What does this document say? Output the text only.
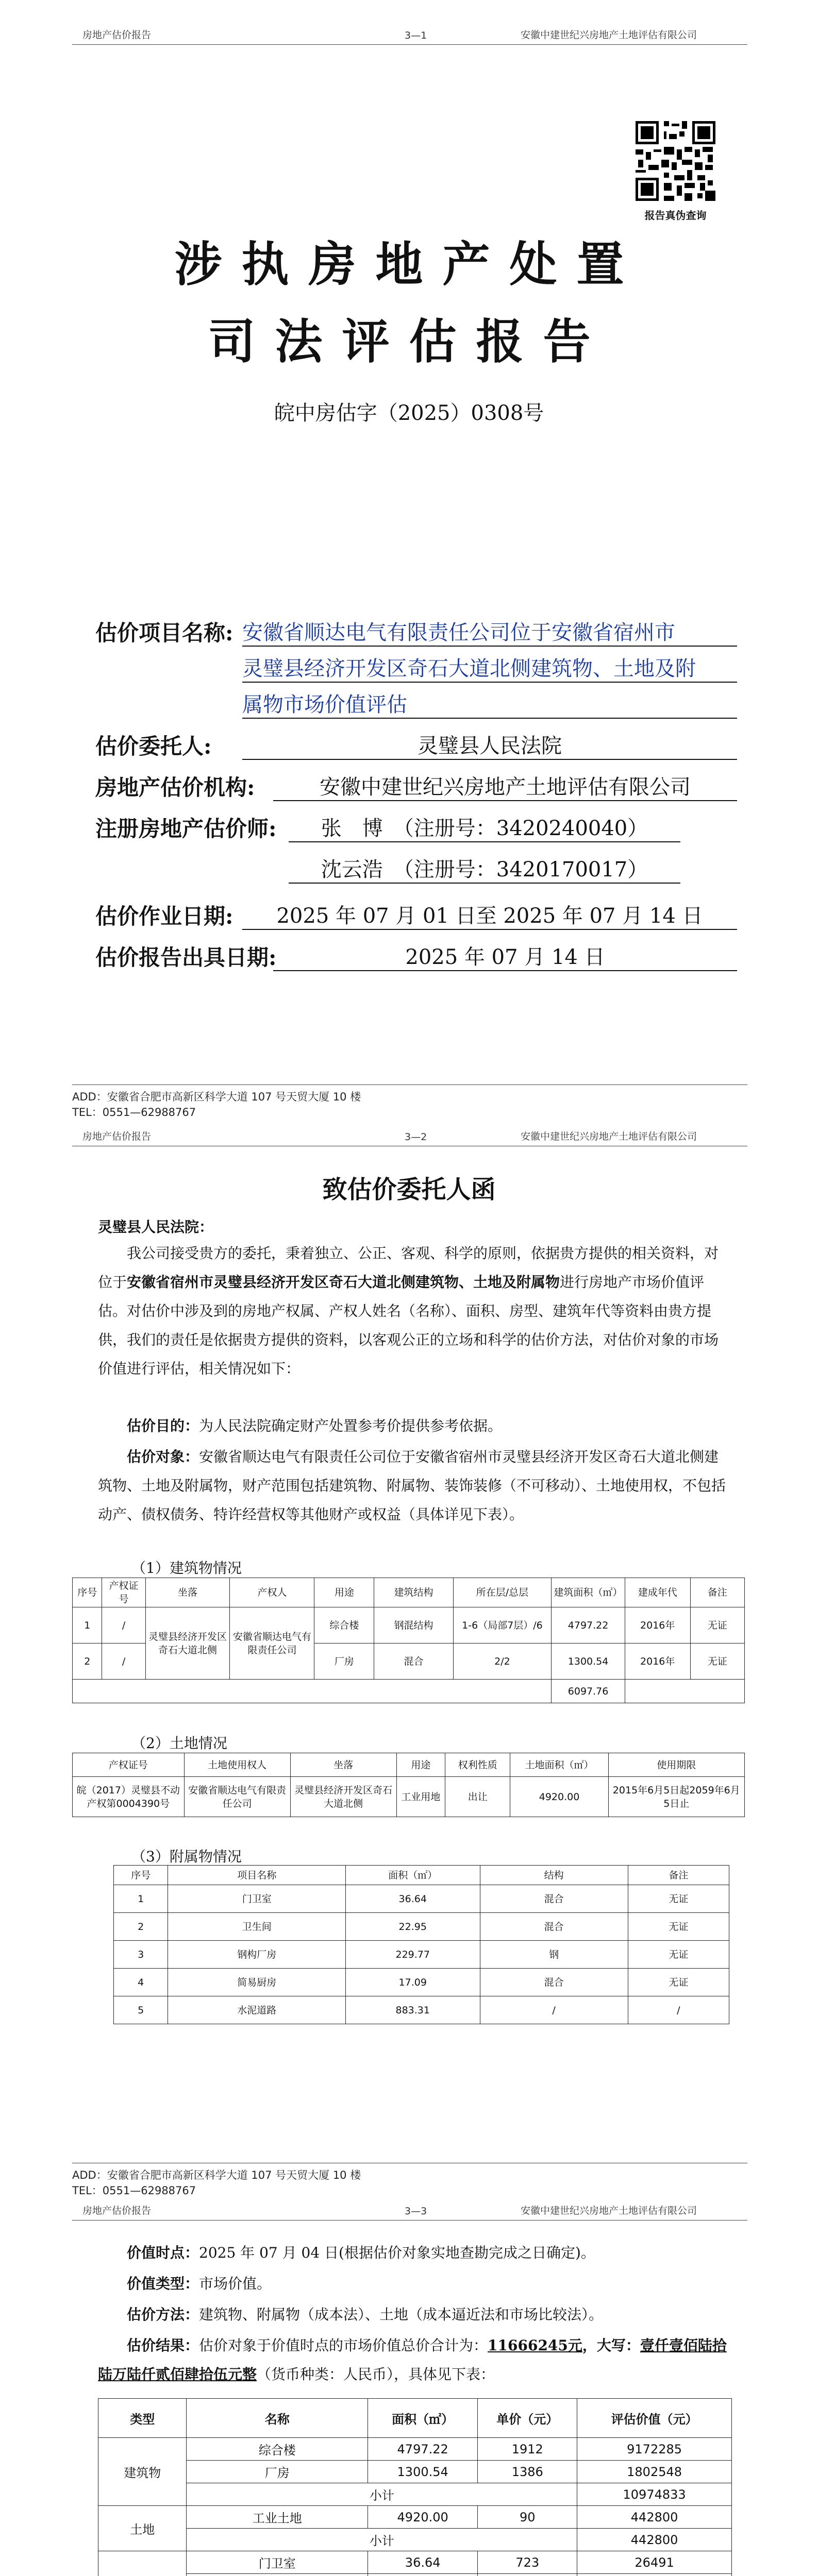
房地产估价报告	3—1	安徽中建世纪兴房地产土地评估有限公司
报告真伪查询
涉执房地产处置
司法评估报告
皖中房估字（2025）0308号
估价项目名称: 安徽省顺达电气有限责任公司位于安徽省宿州市
灵璧县经济开发区奇石大道北侧建筑物、土地及附
属物市场价值评估
估价委托人:	灵璧县人民法院
房地产估价机构:	安徽中建世纪兴房地产土地评估有限公司
注册房地产估价师:	张　博　（注册号：3420240040）
沈云浩　（注册号：3420170017）
估价作业日期:	2025 年 07 月 01 日至 2025 年 07 月 14 日
估价报告出具日期:	2025 年 07 月 14 日
ADD：安徽省合肥市高新区科学大道 107 号天贸大厦 10 楼
TEL：0551—62988767
房地产估价报告	3—2	安徽中建世纪兴房地产土地评估有限公司
致估价委托人函
灵璧县人民法院：
我公司接受贵方的委托，秉着独立、公正、客观、科学的原则，依据贵方提供的相关资料，对位于安徽省宿州市灵璧县经济开发区奇石大道北侧建筑物、土地及附属物进行房地产市场价值评估。对估价中涉及到的房地产权属、产权人姓名（名称）、面积、房型、建筑年代等资料由贵方提供，我们的责任是依据贵方提供的资料，以客观公正的立场和科学的估价方法，对估价对象的市场价值进行评估，相关情况如下：
估价目的：为人民法院确定财产处置参考价提供参考依据。
估价对象：安徽省顺达电气有限责任公司位于安徽省宿州市灵璧县经济开发区奇石大道北侧建筑物、土地及附属物，财产范围包括建筑物、附属物、装饰装修（不可移动）、土地使用权，不包括动产、债权债务、特许经营权等其他财产或权益（具体详见下表）。
（1）建筑物情况
序号	产权证号	坐落	产权人	用途	建筑结构	所在层/总层	建筑面积（㎡）	建成年代	备注
1	/	灵璧县经济开发区奇石大道北侧	安徽省顺达电气有限责任公司	综合楼	钢混结构	1-6（局部7层）/6	4797.22	2016年	无证
2	/			厂房	混合	2/2	1300.54	2016年	无证
							6097.76		
（2）土地情况
产权证号	土地使用权人	坐落	用途	权利性质	土地面积（㎡）	使用期限
皖（2017）灵璧县不动产权第0004390号	安徽省顺达电气有限责任公司	灵璧县经济开发区奇石大道北侧	工业用地	出让	4920.00	2015年6月5日起2059年6月5日止
（3）附属物情况
序号	项目名称	面积（㎡）	结构	备注
1	门卫室	36.64	混合	无证
2	卫生间	22.95	混合	无证
3	钢构厂房	229.77	钢	无证
4	简易厨房	17.09	混合	无证
5	水泥道路	883.31	/	/
ADD：安徽省合肥市高新区科学大道 107 号天贸大厦 10 楼
TEL：0551—62988767
房地产估价报告	3—3	安徽中建世纪兴房地产土地评估有限公司
价值时点：2025 年 07 月 04 日(根据估价对象实地查勘完成之日确定)。
价值类型：市场价值。
估价方法：建筑物、附属物（成本法）、土地（成本逼近法和市场比较法）。
估价结果：估价对象于价值时点的市场价值总价合计为：11666245元，大写：壹仟壹佰陆拾陆万陆仟贰佰肆拾伍元整（货币种类：人民币），具体见下表：
类型	名称	面积（㎡）	单价（元）	评估价值（元）
建筑物	综合楼	4797.22	1912	9172285
	厂房	1300.54	1386	1802548
	小计			10974833
土地	工业土地	4920.00	90	442800
	小计			442800
	门卫室	36.64	723	26491
